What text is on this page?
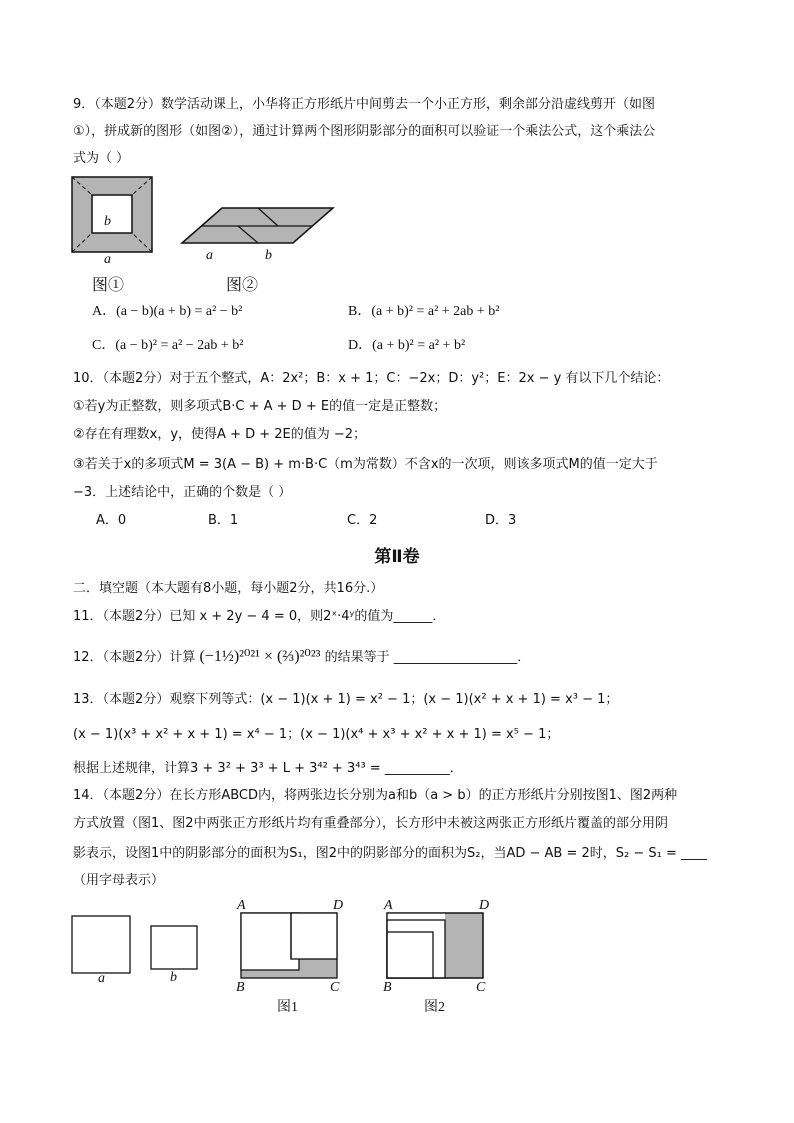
9．（本题2分）数学活动课上，小华将正方形纸片中间剪去一个小正方形，剩余部分沿虚线剪开（如图
①），拼成新的图形（如图②），通过计算两个图形阴影部分的面积可以验证一个乘法公式，这个乘法公
式为（ ）
b
a
图①
a	b
图②
A．(a − b)(a + b) = a² − b²	B．(a + b)² = a² + 2ab + b²
C．(a − b)² = a² − 2ab + b²	D．(a + b)² = a² + b²
10．（本题2分）对于五个整式，A：2x²；B：x + 1；C：−2x；D：y²；E：2x − y 有以下几个结论：
①若y为正整数，则多项式B·C + A + D + E的值一定是正整数；
②存在有理数x，y，使得A + D + 2E的值为 −2；
③若关于x的多项式M = 3(A − B) + m·B·C（m为常数）不含x的一次项，则该多项式M的值一定大于
−3．上述结论中，正确的个数是（ ）
A．0	B．1	C．2	D．3
第Ⅱ卷
二．填空题（本大题有8小题，每小题2分，共16分.）
11．（本题2分）已知 x + 2y − 4 = 0，则2ˣ·4ʸ的值为______．
12．（本题2分）计算 (−1½)²⁰²¹ × (⅔)²⁰²³ 的结果等于 ___________________．
13．（本题2分）观察下列等式：(x − 1)(x + 1) = x² − 1；(x − 1)(x² + x + 1) = x³ − 1；
(x − 1)(x³ + x² + x + 1) = x⁴ − 1；(x − 1)(x⁴ + x³ + x² + x + 1) = x⁵ − 1；
根据上述规律，计算3 + 3² + 3³ + L + 3⁴² + 3⁴³ = __________．
14．（本题2分）在长方形ABCD内，将两张边长分别为a和b（a > b）的正方形纸片分别按图1、图2两种
方式放置（图1、图2中两张正方形纸片均有重叠部分），长方形中未被这两张正方形纸片覆盖的部分用阴
影表示，设图1中的阴影部分的面积为S₁，图2中的阴影部分的面积为S₂，当AD − AB = 2时，S₂ − S₁ = ____
（用字母表示）
a	b
A	D
B	C
图1
A	D
B	C
图2
